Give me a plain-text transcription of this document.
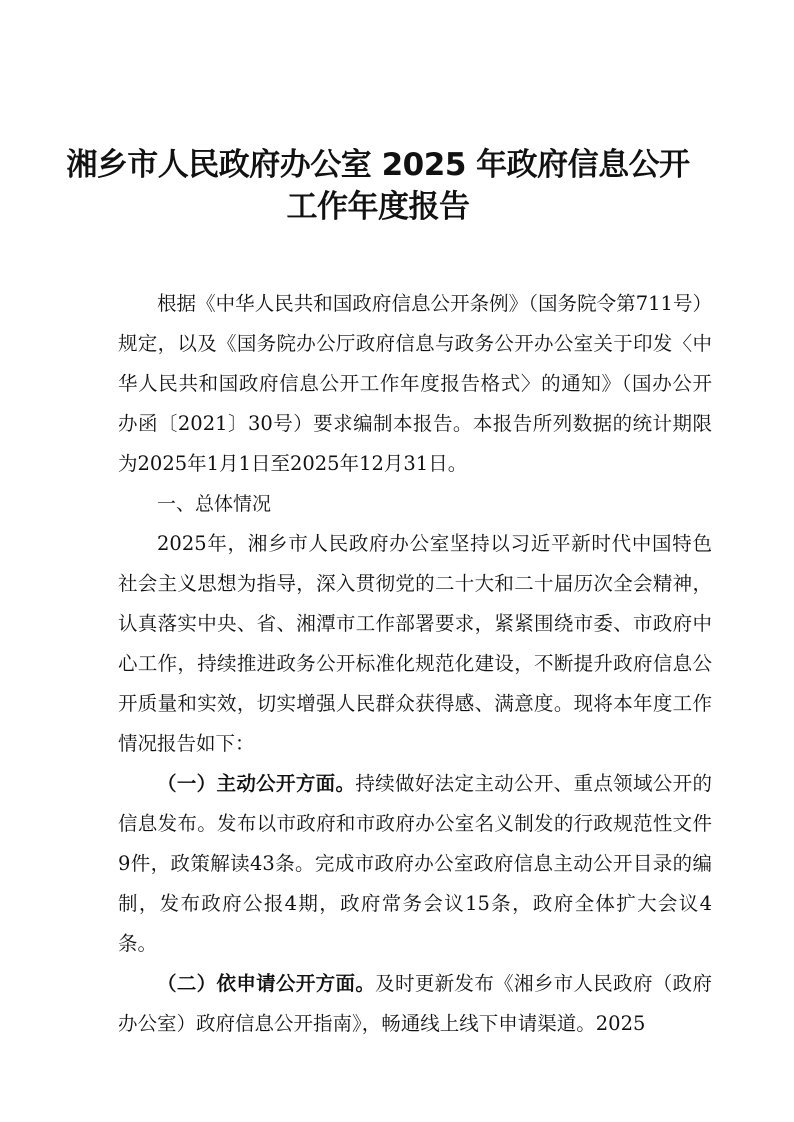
湘乡市人民政府办公室 2025 年政府信息公开
工作年度报告

根据《中华人民共和国政府信息公开条例》（国务院令第711号）规定，以及《国务院办公厅政府信息与政务公开办公室关于印发〈中华人民共和国政府信息公开工作年度报告格式〉的通知》（国办公开办函〔2021〕30号）要求编制本报告。本报告所列数据的统计期限为2025年1月1日至2025年12月31日。

一、总体情况

2025年，湘乡市人民政府办公室坚持以习近平新时代中国特色社会主义思想为指导，深入贯彻党的二十大和二十届历次全会精神，认真落实中央、省、湘潭市工作部署要求，紧紧围绕市委、市政府中心工作，持续推进政务公开标准化规范化建设，不断提升政府信息公开质量和实效，切实增强人民群众获得感、满意度。现将本年度工作情况报告如下：

（一）主动公开方面。持续做好法定主动公开、重点领域公开的信息发布。发布以市政府和市政府办公室名义制发的行政规范性文件9件，政策解读43条。完成市政府办公室政府信息主动公开目录的编制，发布政府公报4期，政府常务会议15条，政府全体扩大会议4条。

（二）依申请公开方面。及时更新发布《湘乡市人民政府（政府办公室）政府信息公开指南》，畅通线上线下申请渠道。2025
